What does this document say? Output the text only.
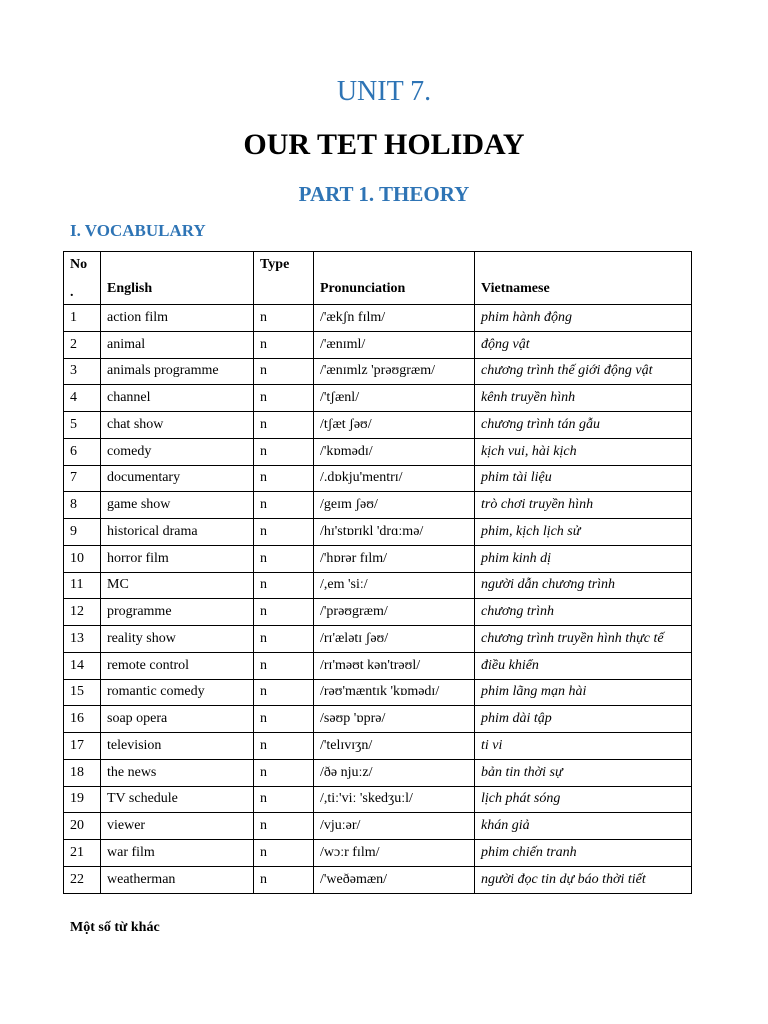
UNIT 7.
OUR TET HOLIDAY
PART 1. THEORY
I. VOCABULARY
No
.	English	Type	Pronunciation	Vietnamese

1	action film	n	/'ækʃn fɪlm/	phim hành động
2	animal	n	/'ænɪml/	động vật
3	animals programme	n	/'ænɪmlz 'prəʊgræm/	chương trình thế giới động vật
4	channel	n	/'tʃænl/	kênh truyền hình
5	chat show	n	/tʃæt ʃəʊ/	chương trình tán gẫu
6	comedy	n	/'kɒmədɪ/	kịch vui, hài kịch
7	documentary	n	/.dɒkju'mentrɪ/	phim tài liệu
8	game show	n	/geɪm ʃəʊ/	trò chơi truyền hình
9	historical drama	n	/hɪ'stɒrɪkl 'drɑːmə/	phim, kịch lịch sử
10	horror film	n	/'hɒrər fɪlm/	phim kinh dị
11	MC	n	/,em 'siː/	người dẫn chương trình
12	programme	n	/'prəʊgræm/	chương trình
13	reality show	n	/rɪ'ælətɪ ʃəʊ/	chương trình truyền hình thực tế
14	remote control	n	/rɪ'məʊt kən'trəʊl/	điều khiển
15	romantic comedy	n	/rəʊ'mæntɪk 'kɒmədɪ/	phim lãng mạn hài
16	soap opera	n	/səʊp 'ɒprə/	phim dài tập
17	television	n	/'telɪvɪʒn/	ti vi
18	the news	n	/ðə njuːz/	bản tin thời sự
19	TV schedule	n	/,tiː'viː 'skedʒuːl/	lịch phát sóng
20	viewer	n	/vjuːər/	khán giả
21	war film	n	/wɔːr fɪlm/	phim chiến tranh
22	weatherman	n	/'weðəmæn/	người đọc tin dự báo thời tiết
Một số từ khác
